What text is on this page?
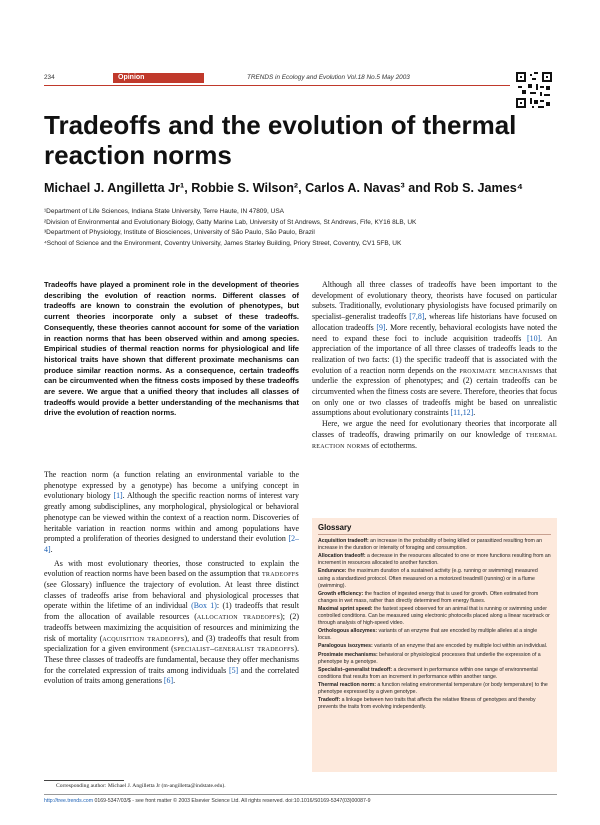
234	Opinion	TRENDS in Ecology and Evolution Vol.18 No.5 May 2003
Tradeoffs and the evolution of thermal reaction norms
Michael J. Angilletta Jr¹, Robbie S. Wilson², Carlos A. Navas³ and Rob S. James⁴
¹Department of Life Sciences, Indiana State University, Terre Haute, IN 47809, USA
²Division of Environmental and Evolutionary Biology, Gatty Marine Lab, University of St Andrews, St Andrews, Fife, KY16 8LB, UK
³Department of Physiology, Institute of Biosciences, University of São Paulo, São Paulo, Brazil
⁴School of Science and the Environment, Coventry University, James Starley Building, Priory Street, Coventry, CV1 5FB, UK
Tradeoffs have played a prominent role in the development of theories describing the evolution of reaction norms. Different classes of tradeoffs are known to constrain the evolution of phenotypes, but current theories incorporate only a subset of these tradeoffs. Consequently, these theories cannot account for some of the variation in reaction norms that has been observed within and among species. Empirical studies of thermal reaction norms for physiological and life historical traits have shown that different proximate mechanisms can produce similar reaction norms. As a consequence, certain tradeoffs can be circumvented when the fitness costs imposed by these tradeoffs are severe. We argue that a unified theory that includes all classes of tradeoffs would provide a better understanding of the mechanisms that drive the evolution of reaction norms.
The reaction norm (a function relating an environmental variable to the phenotype expressed by a genotype) has become a unifying concept in evolutionary biology [1]. Although the specific reaction norms of interest vary greatly among subdisciplines, any morphological, physiological or behavioral phenotype can be viewed within the context of a reaction norm. Discoveries of heritable variation in reaction norms within and among populations have prompted a proliferation of theories designed to understand their evolution [2–4].
As with most evolutionary theories, those constructed to explain the evolution of reaction norms have been based on the assumption that tradeoffs (see Glossary) influence the trajectory of evolution. At least three distinct classes of tradeoffs arise from behavioral and physiological processes that operate within the lifetime of an individual (Box 1): (1) tradeoffs that result from the allocation of available resources (allocation tradeoffs); (2) tradeoffs between maximizing the acquisition of resources and minimizing the risk of mortality (acquisition tradeoffs), and (3) tradeoffs that result from specialization for a given environment (specialist–generalist tradeoffs). These three classes of tradeoffs are fundamental, because they offer mechanisms for the correlated expression of traits among individuals [5] and the correlated evolution of traits among generations [6].
Although all three classes of tradeoffs have been important to the development of evolutionary theory, theorists have focused on particular subsets. Traditionally, evolutionary physiologists have focused primarily on specialist–generalist tradeoffs [7,8], whereas life historians have focused on allocation tradeoffs [9]. More recently, behavioral ecologists have noted the need to expand these foci to include acquisition tradeoffs [10]. An appreciation of the importance of all three classes of tradeoffs leads to the realization of two facts: (1) the specific tradeoff that is associated with the evolution of a reaction norm depends on the proximate mechanisms that underlie the expression of phenotypes; and (2) certain tradeoffs can be circumvented when the fitness costs are severe. Therefore, theories that focus on only one or two classes of tradeoffs might be based on unrealistic assumptions about evolutionary constraints [11,12].
Here, we argue the need for evolutionary theories that incorporate all classes of tradeoffs, drawing primarily on our knowledge of thermal reaction norms of ectotherms.
Glossary
Acquisition tradeoff: an increase in the probability of being killed or parasitized resulting from an increase in the duration or intensity of foraging and consumption.
Allocation tradeoff: a decrease in the resources allocated to one or more functions resulting from an increment in resources allocated to another function.
Endurance: the maximum duration of a sustained activity (e.g. running or swimming) measured using a standardized protocol. Often measured on a motorized treadmill (running) or in a flume (swimming).
Growth efficiency: the fraction of ingested energy that is used for growth. Often estimated from changes in wet mass, rather than directly determined from energy fluxes.
Maximal sprint speed: the fastest speed observed for an animal that is running or swimming under controlled conditions. Can be measured using electronic photocells placed along a linear racetrack or through analysis of high-speed video.
Orthologous allozymes: variants of an enzyme that are encoded by multiple alleles at a single locus.
Paralogous isozymes: variants of an enzyme that are encoded by multiple loci within an individual.
Proximate mechanisms: behavioral or physiological processes that underlie the expression of a phenotype by a genotype.
Specialist–generalist tradeoff: a decrement in performance within one range of environmental conditions that results from an increment in performance within another range.
Thermal reaction norm: a function relating environmental temperature (or body temperature) to the phenotype expressed by a given genotype.
Tradeoff: a linkage between two traits that affects the relative fitness of genotypes and thereby prevents the traits from evolving independently.
Corresponding author: Michael J. Angilletta Jr (m-angilletta@indstate.edu).
http://tree.trends.com 0169-5347/03/$ - see front matter © 2003 Elsevier Science Ltd. All rights reserved. doi:10.1016/S0169-5347(03)00087-9
